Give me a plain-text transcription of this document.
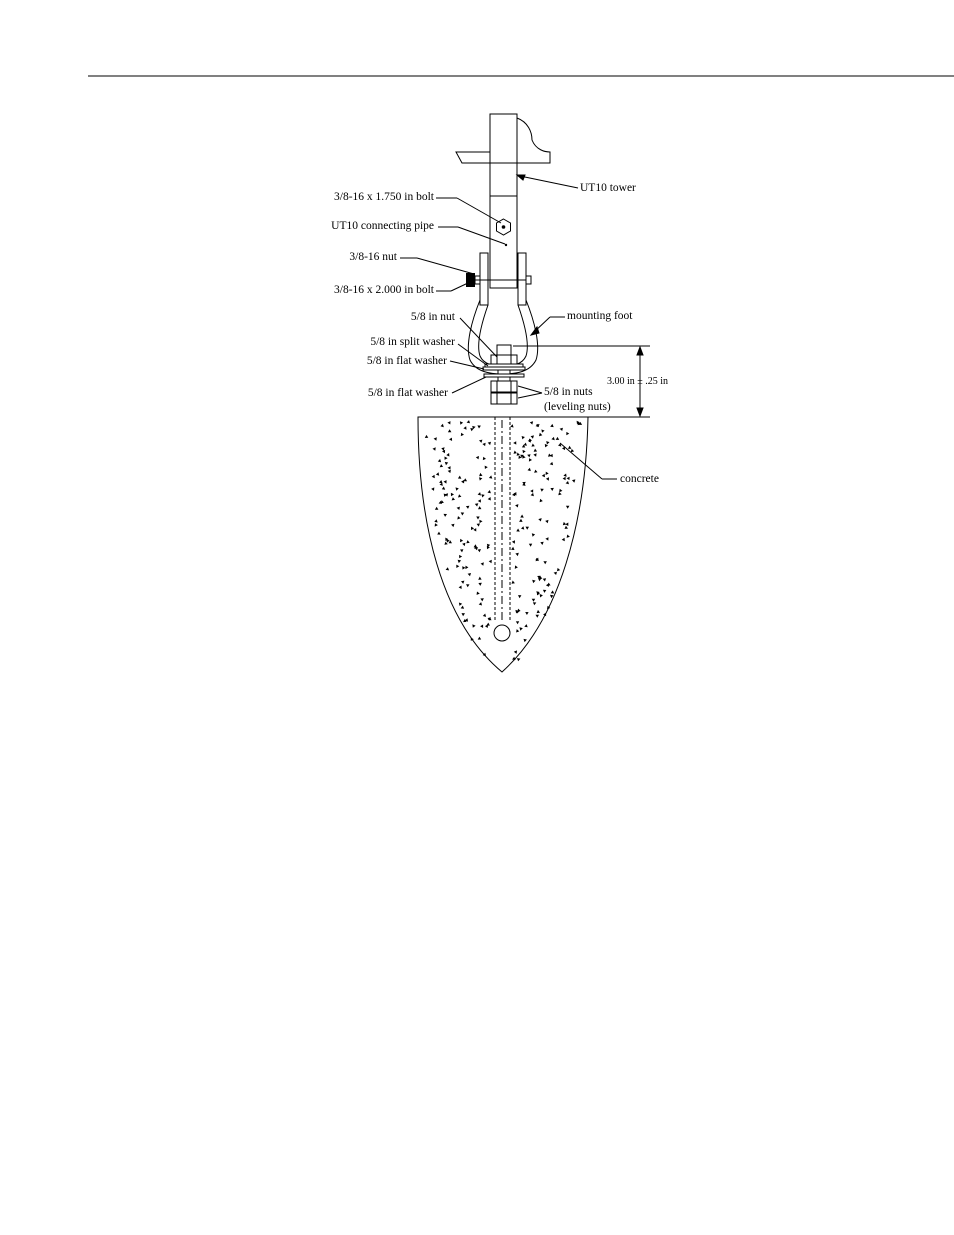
UT10 tower
3/8-16 x 1.750 in bolt
UT10 connecting pipe
3/8-16 nut
3/8-16 x 2.000 in bolt
5/8 in nut	mounting foot
5/8 in split washer
5/8 in flat washer
3.00 in ± .25 in
5/8 in flat washer	5/8 in nuts
(leveling nuts)
concrete
